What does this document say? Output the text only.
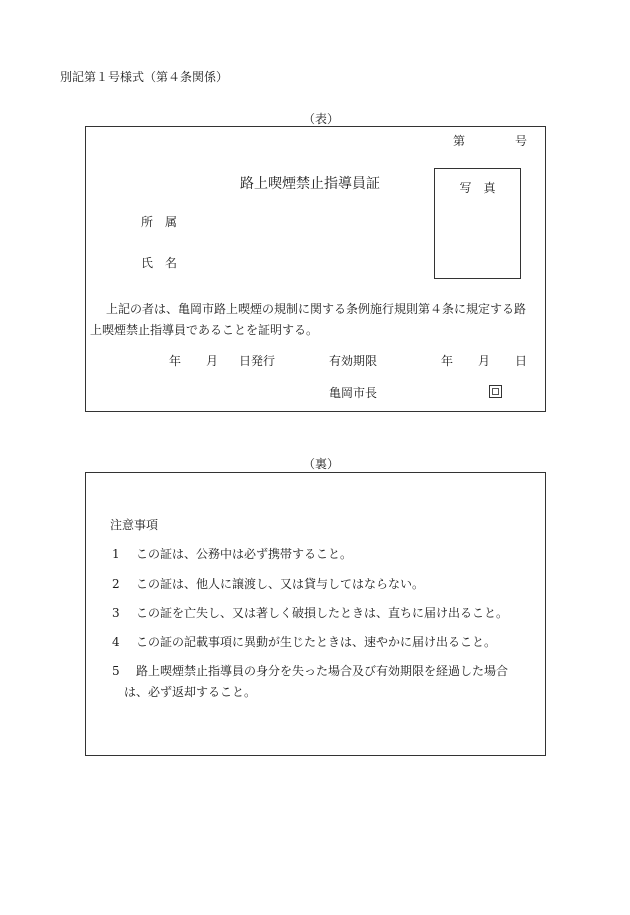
別記第１号様式（第４条関係）
（表）
第	号
路上喫煙禁止指導員証	写　真
所　属
氏　名
上記の者は、亀岡市路上喫煙の規制に関する条例施行規則第４条に規定する路
上喫煙禁止指導員であることを証明する。
年 月 日発行	有効期限	年 月 日
亀岡市長
（裏）
注意事項
1 この証は、公務中は必ず携帯すること。
2 この証は、他人に譲渡し、又は貸与してはならない。
3 この証を亡失し、又は著しく破損したときは、直ちに届け出ること。
4 この証の記載事項に異動が生じたときは、速やかに届け出ること。
5 路上喫煙禁止指導員の身分を失った場合及び有効期限を経過した場合
は、必ず返却すること。
